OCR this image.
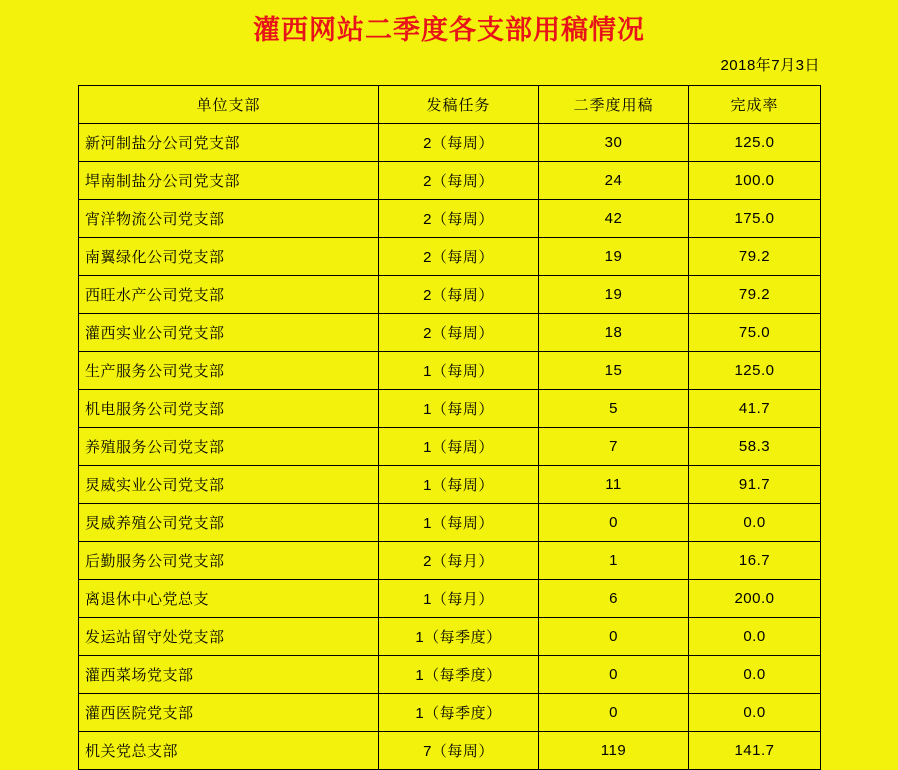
灌西网站二季度各支部用稿情况
2018年7月3日
单位支部	发稿任务	二季度用稿	完成率
新河制盐分公司党支部	2（每周）	30	125.0
垾南制盐分公司党支部	2（每周）	24	100.0
宵洋物流公司党支部	2（每周）	42	175.0
南翼绿化公司党支部	2（每周）	19	79.2
西旺水产公司党支部	2（每周）	19	79.2
灌西实业公司党支部	2（每周）	18	75.0
生产服务公司党支部	1（每周）	15	125.0
机电服务公司党支部	1（每周）	5	41.7
养殖服务公司党支部	1（每周）	7	58.3
炅威实业公司党支部	1（每周）	11	91.7
炅威养殖公司党支部	1（每周）	0	0.0
后勤服务公司党支部	2（每月）	1	16.7
离退休中心党总支	1（每月）	6	200.0
发运站留守处党支部	1（每季度）	0	0.0
灌西菜场党支部	1（每季度）	0	0.0
灌西医院党支部	1（每季度）	0	0.0
机关党总支部	7（每周）	119	141.7
